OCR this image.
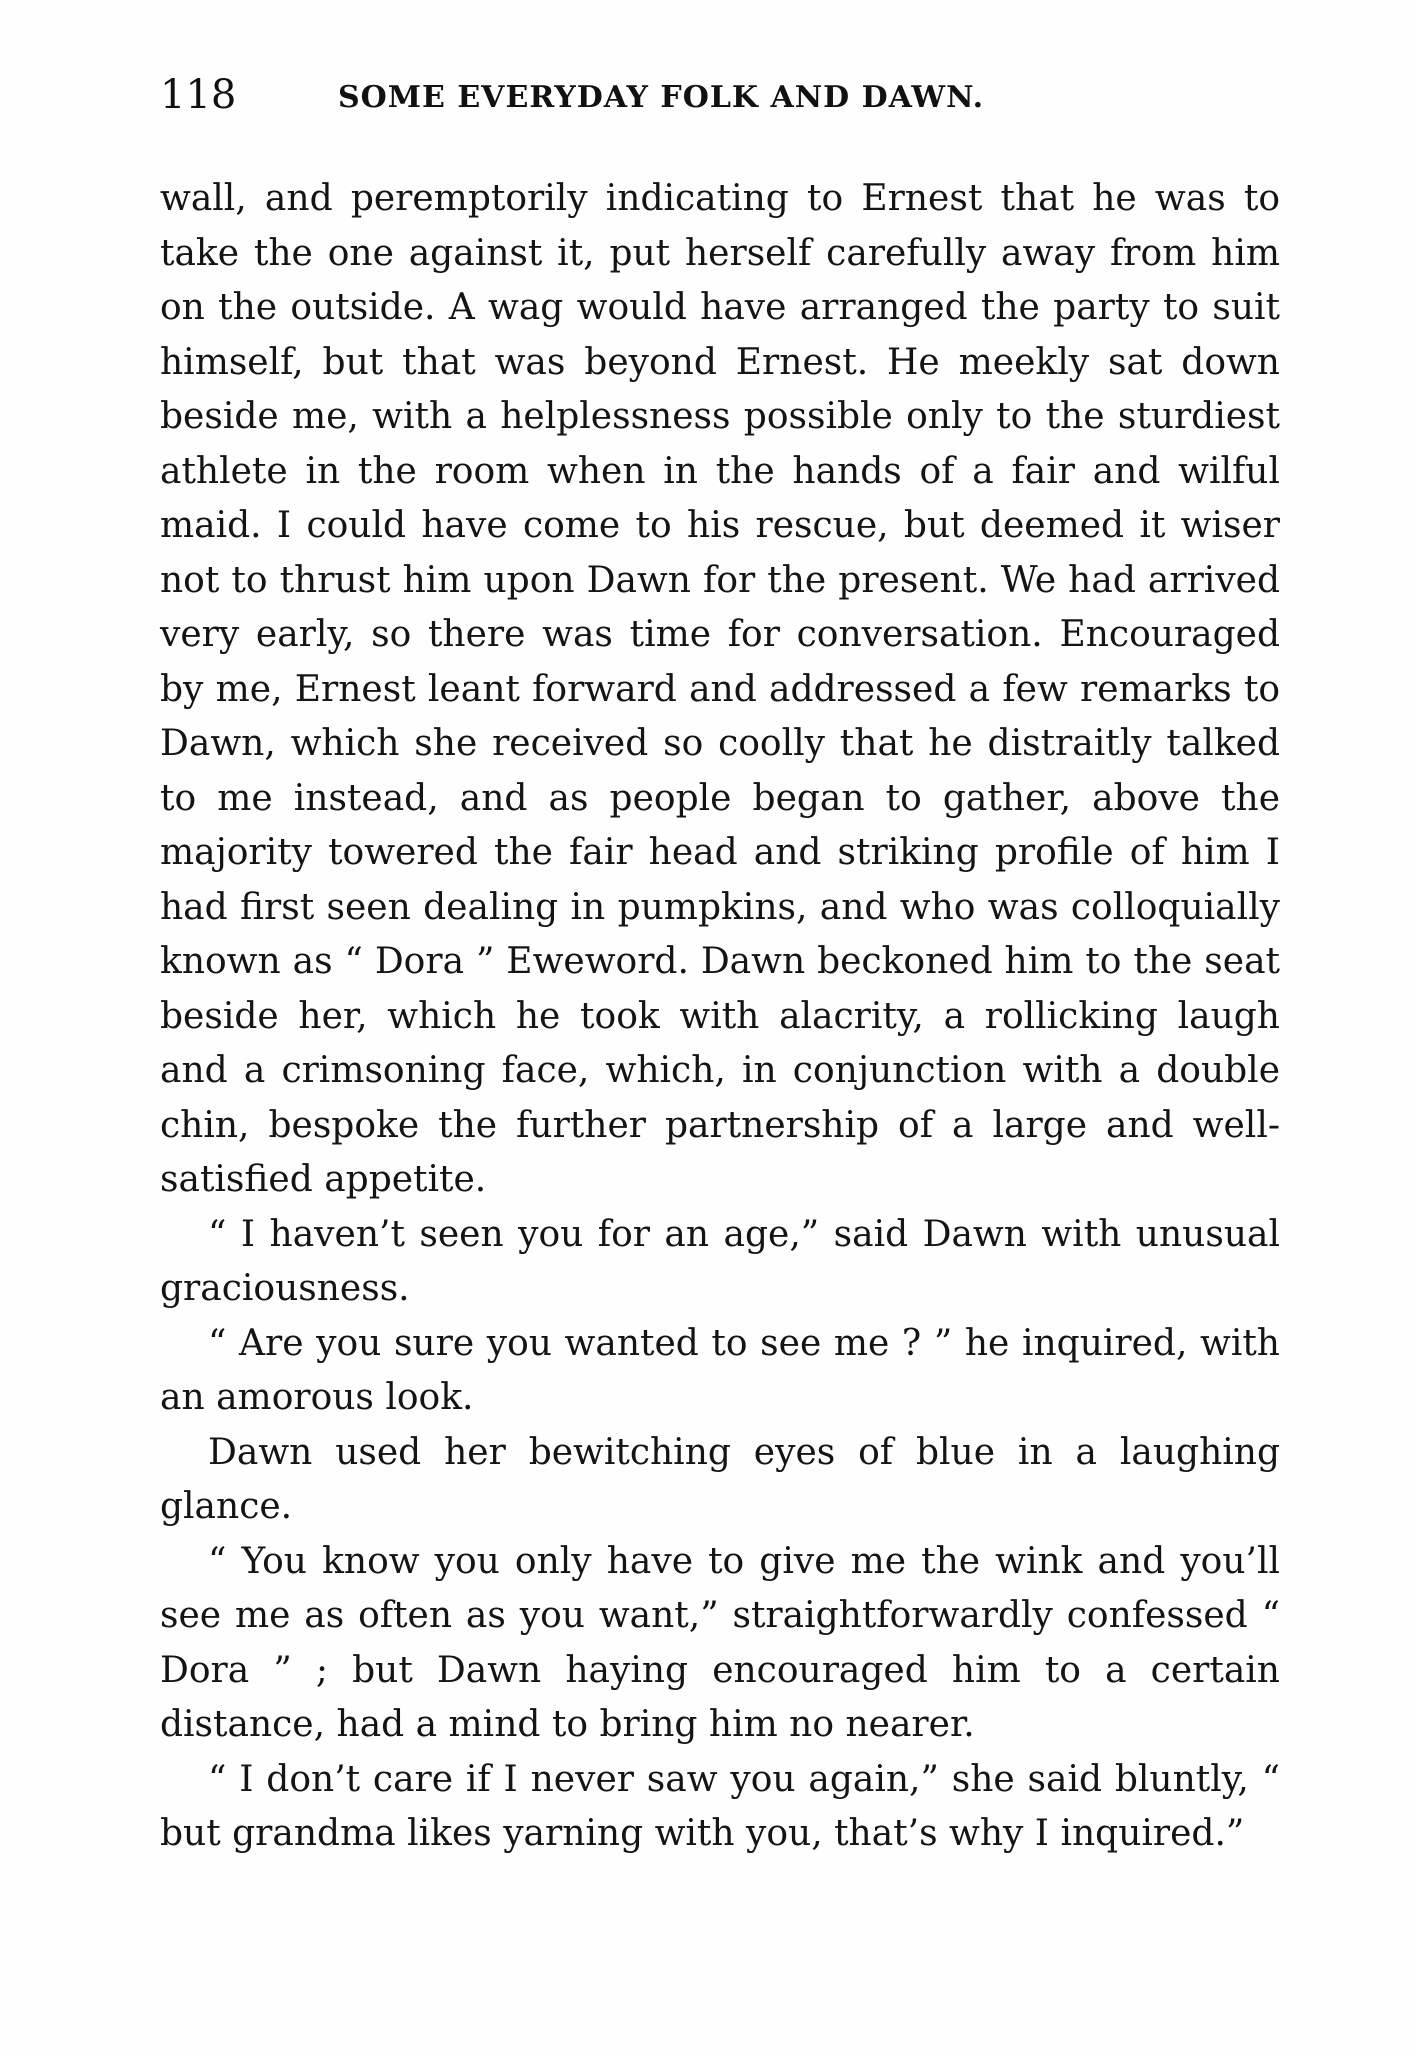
118	SOME EVERYDAY FOLK AND DAWN.

wall, and peremptorily indicating to Ernest that he was to take the one against it, put herself carefully away from him on the outside. A wag would have arranged the party to suit himself, but that was beyond Ernest. He meekly sat down beside me, with a helplessness possible only to the sturdiest athlete in the room when in the hands of a fair and wilful maid. I could have come to his rescue, but deemed it wiser not to thrust him upon Dawn for the present. We had arrived very early, so there was time for conversation. Encouraged by me, Ernest leant forward and addressed a few remarks to Dawn, which she received so coolly that he distraitly talked to me instead, and as people began to gather, above the majority towered the fair head and striking profile of him I had first seen dealing in pumpkins, and who was colloquially known as “ Dora ” Eweword. Dawn beckoned him to the seat beside her, which he took with alacrity, a rollicking laugh and a crimsoning face, which, in conjunction with a double chin, bespoke the further partnership of a large and well-satisfied appetite.

“ I haven’t seen you for an age,” said Dawn with unusual graciousness.

“ Are you sure you wanted to see me ? ” he inquired, with an amorous look.

Dawn used her bewitching eyes of blue in a laughing glance.

“ You know you only have to give me the wink and you’ll see me as often as you want,” straightforwardly confessed “ Dora ” ; but Dawn haying encouraged him to a certain distance, had a mind to bring him no nearer.

“ I don’t care if I never saw you again,” she said bluntly, “ but grandma likes yarning with you, that’s why I inquired.”
